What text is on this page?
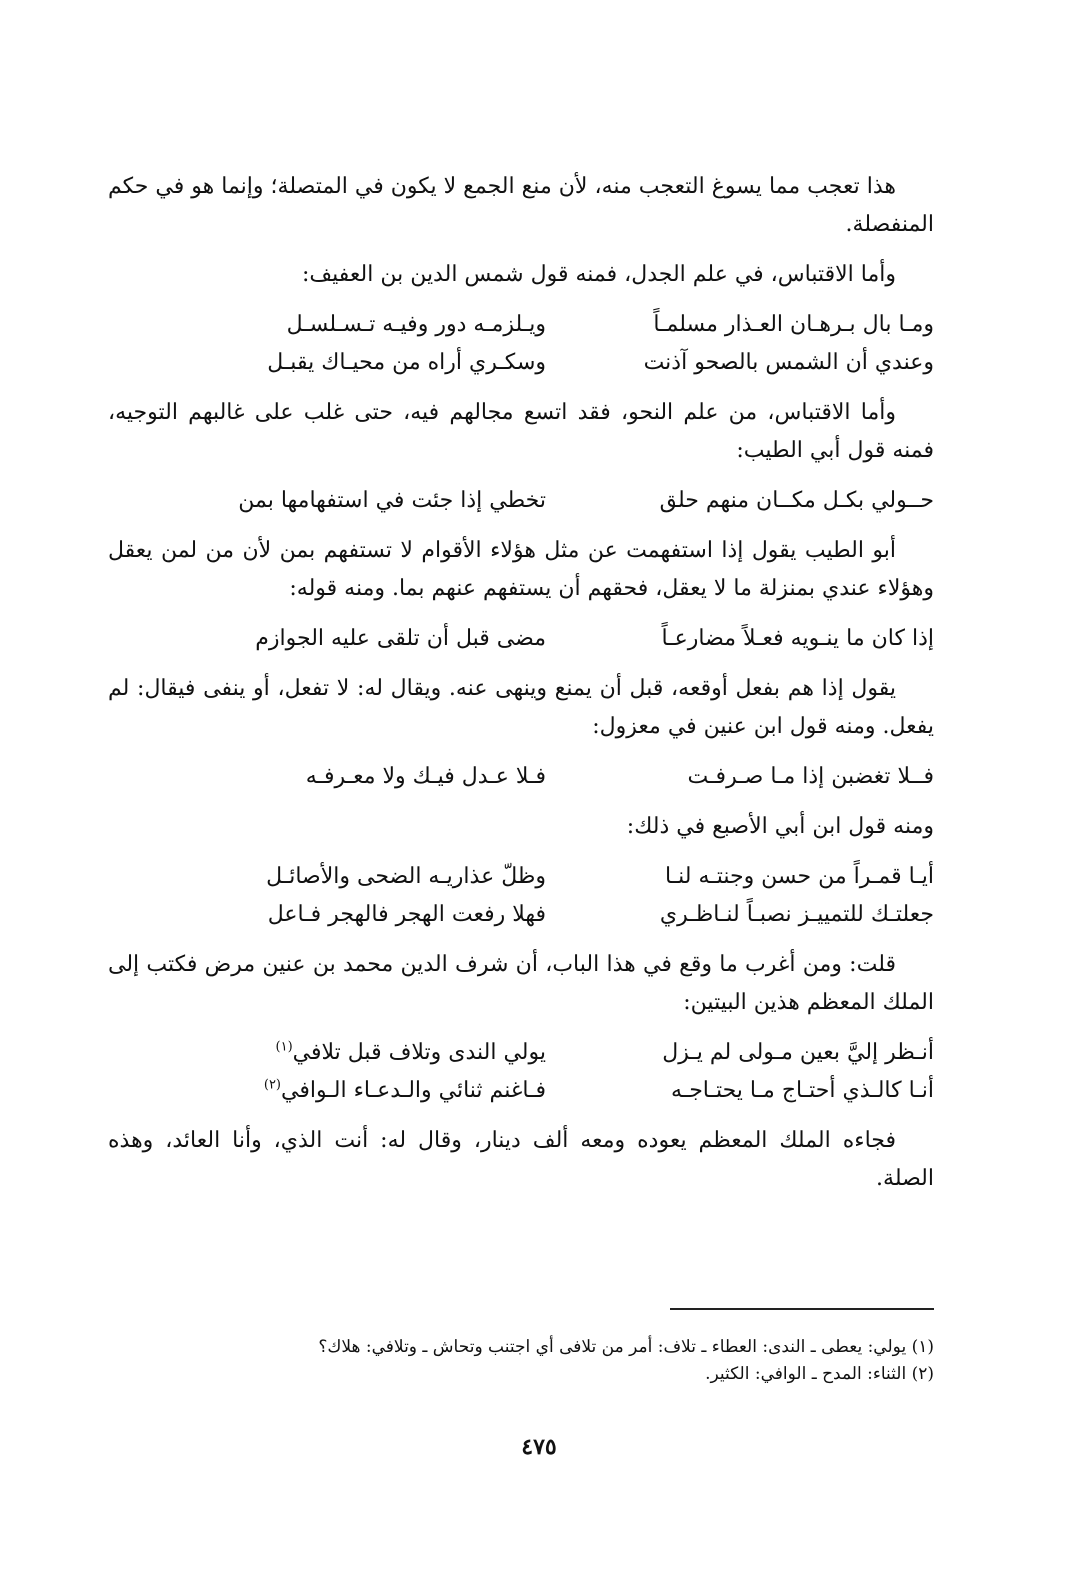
هذا تعجب مما يسوغ التعجب منه، لأن منع الجمع لا يكون في المتصلة؛ وإنما هو في حكم المنفصلة.

وأما الاقتباس، في علم الجدل، فمنه قول شمس الدين بن العفيف:

ومـا بال بـرهـان العـذار مسلمـاً
ويـلزمـه دور وفيـه تـسـلسـل
وعندي أن الشمس بالصحو آذنت
وسكـري أراه من محيـاك يقبـل

وأما الاقتباس، من علم النحو، فقد اتسع مجالهم فيه، حتى غلب على غالبهم التوجيه، فمنه قول أبي الطيب:

حــولي بكـل مكــان منهم حلق
تخطي إذا جئت في استفهامها بمن

أبو الطيب يقول إذا استفهمت عن مثل هؤلاء الأقوام لا تستفهم بمن لأن من لمن يعقل وهؤلاء عندي بمنزلة ما لا يعقل، فحقهم أن يستفهم عنهم بما. ومنه قوله:

إذا كان ما ينـويه فعـلاً مضارعـاً
مضى قبل أن تلقى عليه الجوازم

يقول إذا هم بفعل أوقعه، قبل أن يمنع وينهى عنه. ويقال له: لا تفعل، أو ينفى فيقال: لم يفعل. ومنه قول ابن عنين في معزول:

فــلا تغضبن إذا مـا صـرفـت
فـلا عـدل فيـك ولا معـرفـه

ومنه قول ابن أبي الأصبع في ذلك:

أيـا قمـراً من حسن وجنتـه لنـا
وظلّ عذاريـه الضحى والأصائـل
جعلتـك للتمييـز نصبـاً لنـاظـري
فهلا رفعت الهجر فالهجر فـاعل

قلت: ومن أغرب ما وقع في هذا الباب، أن شرف الدين محمد بن عنين مرض فكتب إلى الملك المعظم هذين البيتين:

أنـظر إليَّ بعين مـولى لم يـزل
يولي الندى وتلاف قبل تلافي$^{(١)}$
أنـا كالـذي أحتـاج مـا يحتـاجـه
فـاغنم ثنائي والـدعـاء الـوافي$^{(٢)}$

فجاءه الملك المعظم يعوده ومعه ألف دينار، وقال له: أنت الذي، وأنا العائد، وهذه الصلة.

(١) يولي: يعطى ـ الندى: العطاء ـ تلاف: أمر من تلافى أي اجتنب وتحاش ـ وتلافي: هلاك؟

(٢) الثناء: المدح ـ الوافي: الكثير.

٤٧٥
